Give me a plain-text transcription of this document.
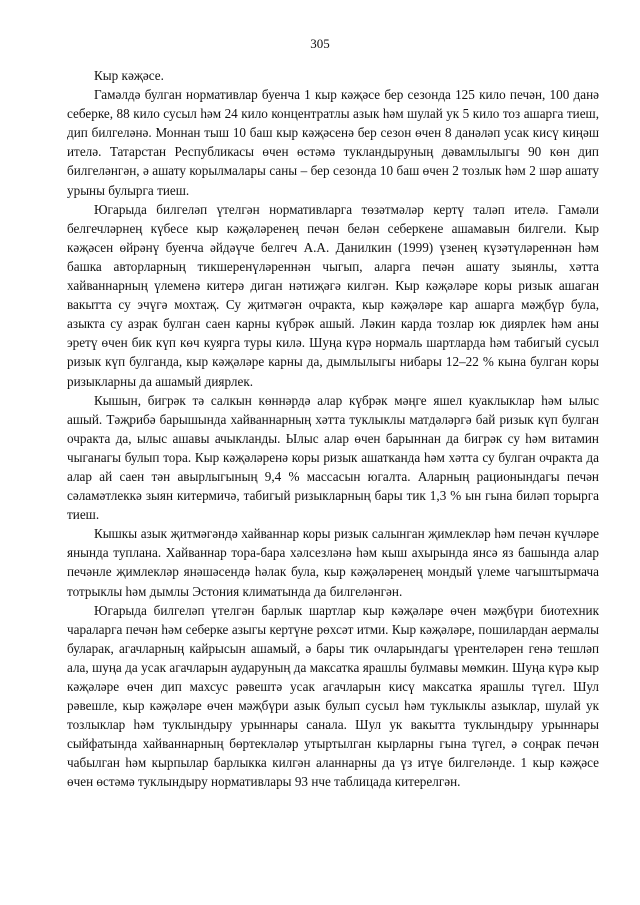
305

Кыр кәҗәсе.

Гамәлдә булган нормативлар буенча 1 кыр кәҗәсе бер сезонда 125 кило печән, 100 данә себерке, 88 кило сусыл һәм 24 кило концентратлы азык һәм шулай ук 5 кило тоз ашарга тиеш, дип билгеләнә. Моннан тыш 10 баш кыр кәҗәсенә бер сезон өчен 8 данәләп усак кисү киңәш ителә. Татарстан Республикасы өчен өстәмә тукландыруның дәвамлылыгы 90 көн дип билгеләнгән, ә ашату корылмалары саны – бер сезонда 10 баш өчен 2 тозлык һәм 2 шәр ашату урыны булырга тиеш.

Югарыда билгеләп үтелгән нормативларга төзәтмәләр кертү таләп ителә. Гамәли белгечләрнең күбесе кыр кәҗәләренең печән белән себеркене ашамавын билгели. Кыр кәҗәсен өйрәнү буенча әйдәүче белгеч А.А. Данилкин (1999) үзенең күзәтүләреннән һәм башка авторларның тикшеренүләреннән чыгып, аларга печән ашату зыянлы, хәтта хайваннарның үлеменә китерә диган нәтиҗәгә килгән. Кыр кәҗәләре коры ризык ашаган вакытта су эчүгә мохтаҗ. Су җитмәгән очракта, кыр кәҗәләре кар ашарга мәҗбүр була, азыкта су азрак булган саен карны күбрәк ашый. Ләкин карда тозлар юк диярлек һәм аны эретү өчен бик күп көч куярга туры килә. Шуңа күрә нормаль шартларда һәм табигый сусыл ризык күп булганда, кыр кәҗәләре карны да, дымлылыгы нибары 12–22 % кына булган коры ризыкларны да ашамый диярлек.

Кышын, бигрәк тә салкын көннәрдә алар күбрәк мәңге яшел куаклыклар һәм ылыс ашый. Тәҗрибә барышында хайваннарның хәтта туклыклы матдәләргә бай ризык күп булган очракта да, ылыс ашавы ачыкланды. Ылыс алар өчен барыннан да бигрәк су һәм витамин чыганагы булып тора. Кыр кәҗәләренә коры ризык ашатканда һәм хәтта су булган очракта да алар ай саен тән авырлыгының 9,4 % массасын югалта. Аларның рационындагы печән сәламәтлеккә зыян китермичә, табигый ризыкларның бары тик 1,3 % ын гына биләп торырга тиеш.

Кышкы азык җитмәгәндә хайваннар коры ризык салынган җимлекләр һәм печән күчләре янында тупланa. Хайваннар тора-бара хәлсезләнә һәм кыш ахырында янсә яз башында алар печәнле җимлекләр янәшәсендә һәлак була, кыр кәҗәләренең мондый үлеме чагыштырмача тотрыклы һәм дымлы Эстония климатында да билгеләнгән.

Югарыда билгеләп үтелгән барлык шартлар кыр кәҗәләре өчен мәҗбүри биотехник чараларга печән һәм себерке азыгы кертүне рөхсәт итми. Кыр кәҗәләре, пошилардан аермалы буларак, агачларның кайрысын ашамый, ә бары тик очларындагы үрентеләрен генә тешләп ала, шуңа да усак агачларын аударуның да максатка ярашлы булмавы мөмкин. Шуңа күрә кыр кәҗәләре өчен дип махсус рәвештә усак агачларын кисү максатка ярашлы түгел. Шул рәвешле, кыр кәҗәләре өчен мәҗбүри азык булып сусыл һәм туклыклы азыклар, шулай ук тозлыклар һәм туклындыру урыннары санала. Шул ук вакытта туклындыру урыннары сыйфатында хайваннарның бөртекләләр утыртылган кырларны гына түгел, ә соңрак печән чабылган һәм кырпылар барлыкка килгән аланнарны да үз итүе билгеләнде. 1 кыр кәҗәсе өчен өстәмә туклындыру нормативлары 93 нче таблицада китерелгән.
